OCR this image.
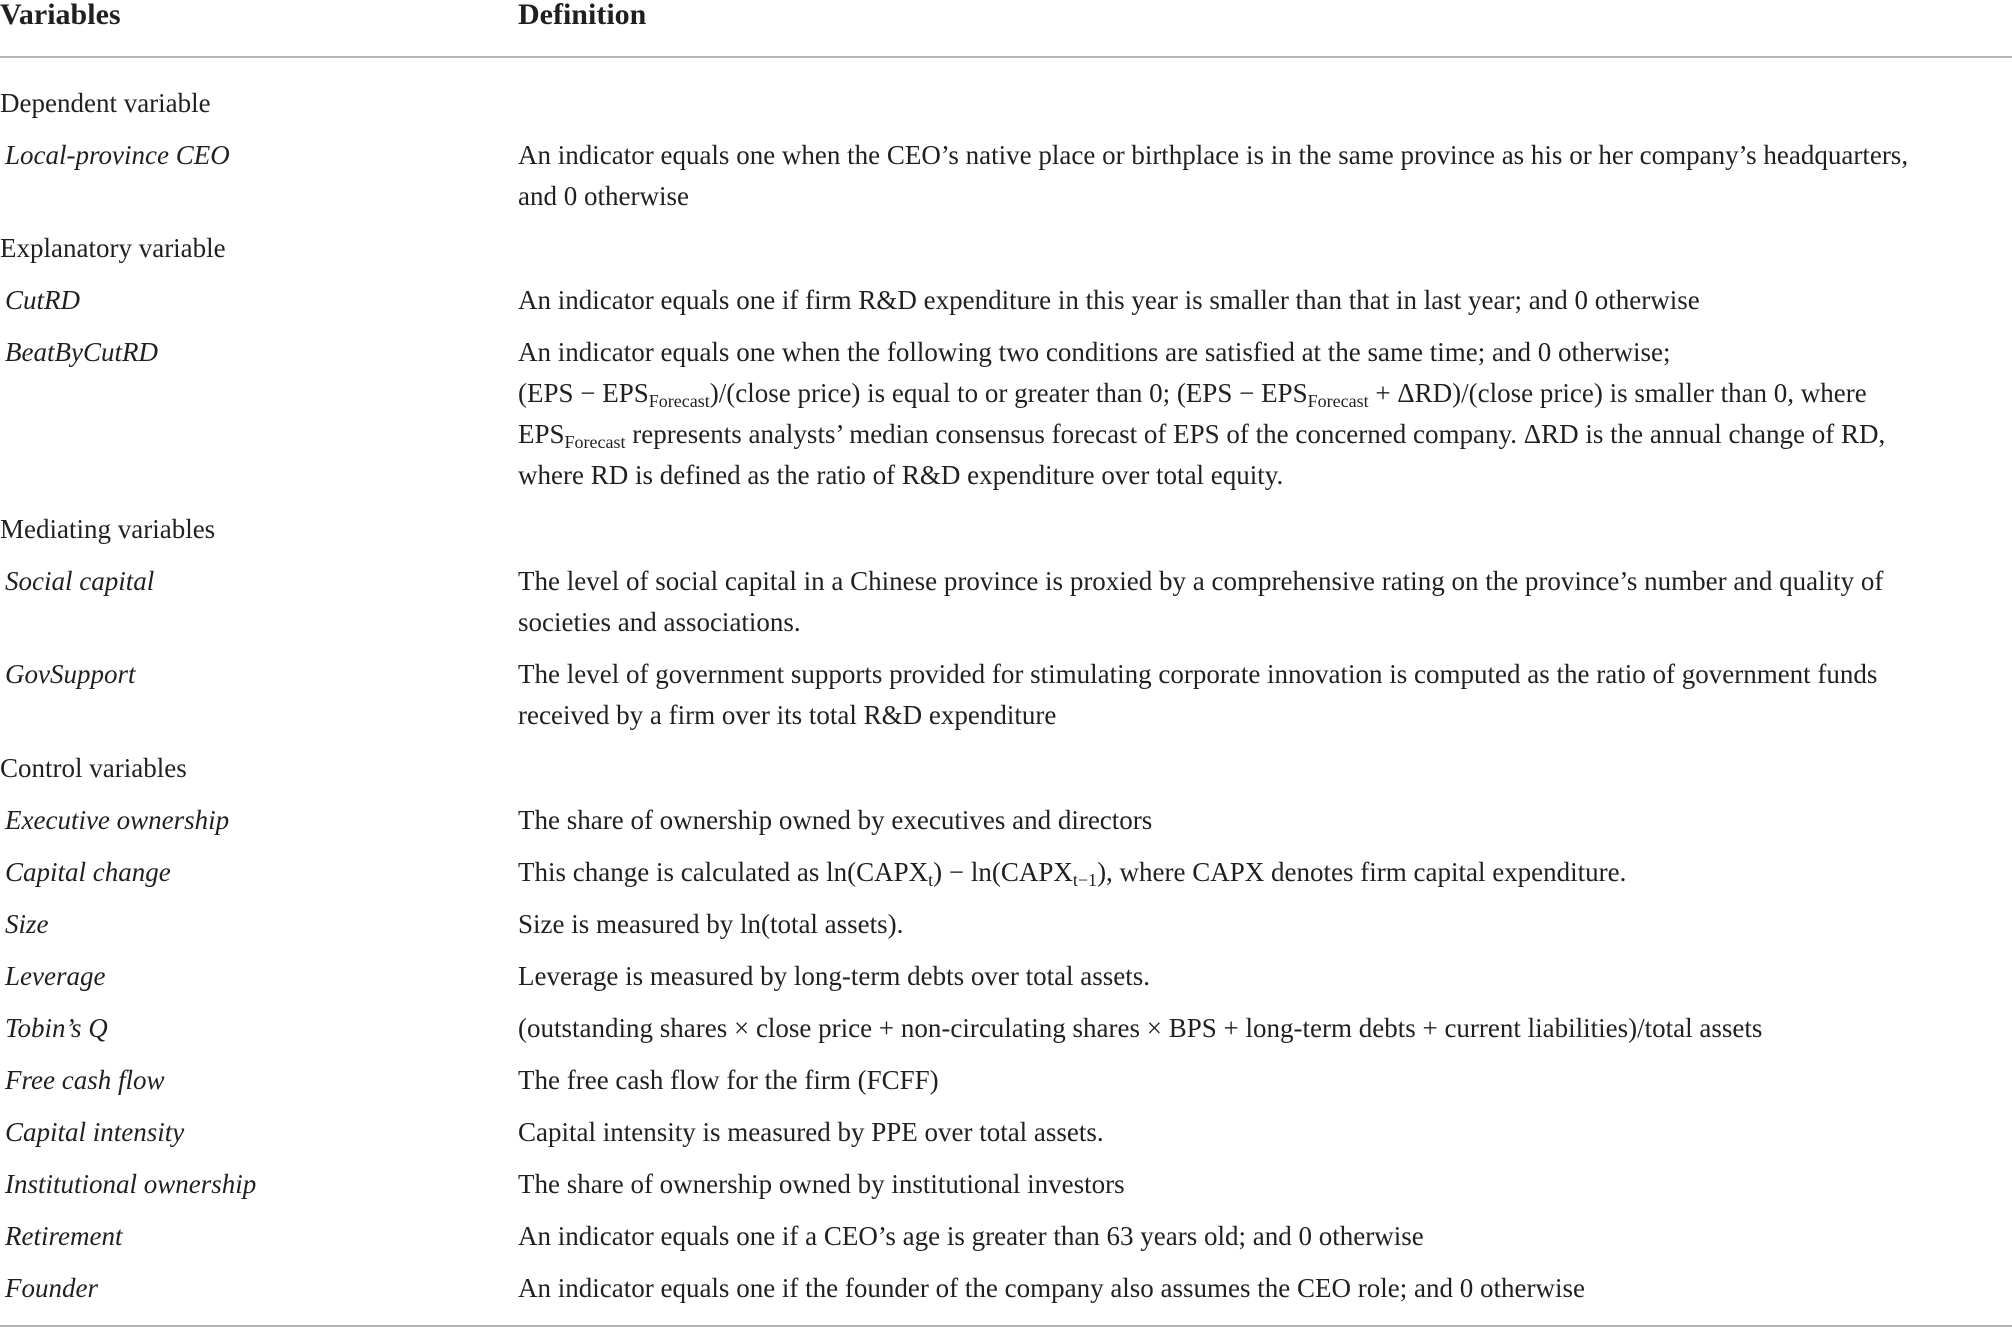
Variables	Definition
Dependent variable
Local-province CEO	An indicator equals one when the CEO’s native place or birthplace is in the same province as his or her company’s headquarters,
and 0 otherwise
Explanatory variable
CutRD	An indicator equals one if firm R&D expenditure in this year is smaller than that in last year; and 0 otherwise
BeatByCutRD	An indicator equals one when the following two conditions are satisfied at the same time; and 0 otherwise;
$(EPS - EPS_{Forecast})/(close$ price) is equal to or greater than 0; ($EPS - EPS_{Forecast}$ + ΔRD)/(close price) is smaller than 0, where
$EPS_{Forecast}$ represents analysts’ median consensus forecast of EPS of the concerned company. ΔRD is the annual change of RD,
where RD is defined as the ratio of R&D expenditure over total equity.
Mediating variables
Social capital	The level of social capital in a Chinese province is proxied by a comprehensive rating on the province’s number and quality of
societies and associations.
GovSupport	The level of government supports provided for stimulating corporate innovation is computed as the ratio of government funds
received by a firm over its total R&D expenditure
Control variables
Executive ownership	The share of ownership owned by executives and directors
Capital change	This change is calculated as $\ln(CAPX_t)$ − $\ln(CAPX_{t-1})$, where CAPX denotes firm capital expenditure.
Size	Size is measured by ln(total assets).
Leverage	Leverage is measured by long-term debts over total assets.
Tobin’s Q	(outstanding shares × close price + non-circulating shares × BPS + long-term debts + current liabilities)/total assets
Free cash flow	The free cash flow for the firm (FCFF)
Capital intensity	Capital intensity is measured by PPE over total assets.
Institutional ownership	The share of ownership owned by institutional investors
Retirement	An indicator equals one if a CEO’s age is greater than 63 years old; and 0 otherwise
Founder	An indicator equals one if the founder of the company also assumes the CEO role; and 0 otherwise
